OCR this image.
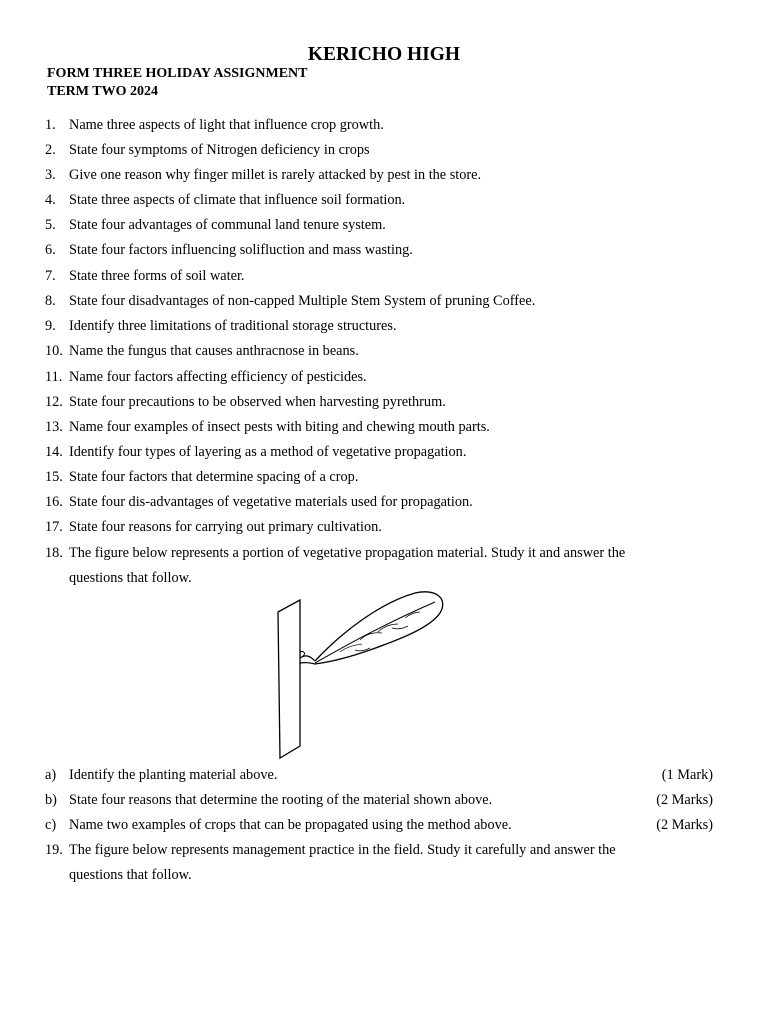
KERICHO HIGH
FORM THREE HOLIDAY ASSIGNMENT
TERM TWO 2024
1. Name three aspects of light that influence crop growth.
2. State four symptoms of Nitrogen deficiency in crops
3. Give one reason why finger millet is rarely attacked by pest in the store.
4. State three aspects of climate that influence soil formation.
5. State four advantages of communal land tenure system.
6. State four factors influencing solifluction and mass wasting.
7. State three forms of soil water.
8. State four disadvantages of non-capped Multiple Stem System of pruning Coffee.
9. Identify three limitations of traditional storage structures.
10. Name the fungus that causes anthracnose in beans.
11. Name four factors affecting efficiency of pesticides.
12. State four precautions to be observed when harvesting pyrethrum.
13. Name four examples of insect pests with biting and chewing mouth parts.
14. Identify four types of layering as a method of vegetative propagation.
15. State four factors that determine spacing of a crop.
16. State four dis-advantages of vegetative materials used for propagation.
17. State four reasons for carrying out primary cultivation.
18. The figure below represents a portion of vegetative propagation material. Study it and answer the
questions that follow.
a) Identify the planting material above.	(1 Mark)
b) State four reasons that determine the rooting of the material shown above.	(2 Marks)
c) Name two examples of crops that can be propagated using the method above.	(2 Marks)
19. The figure below represents management practice in the field. Study it carefully and answer the
questions that follow.
